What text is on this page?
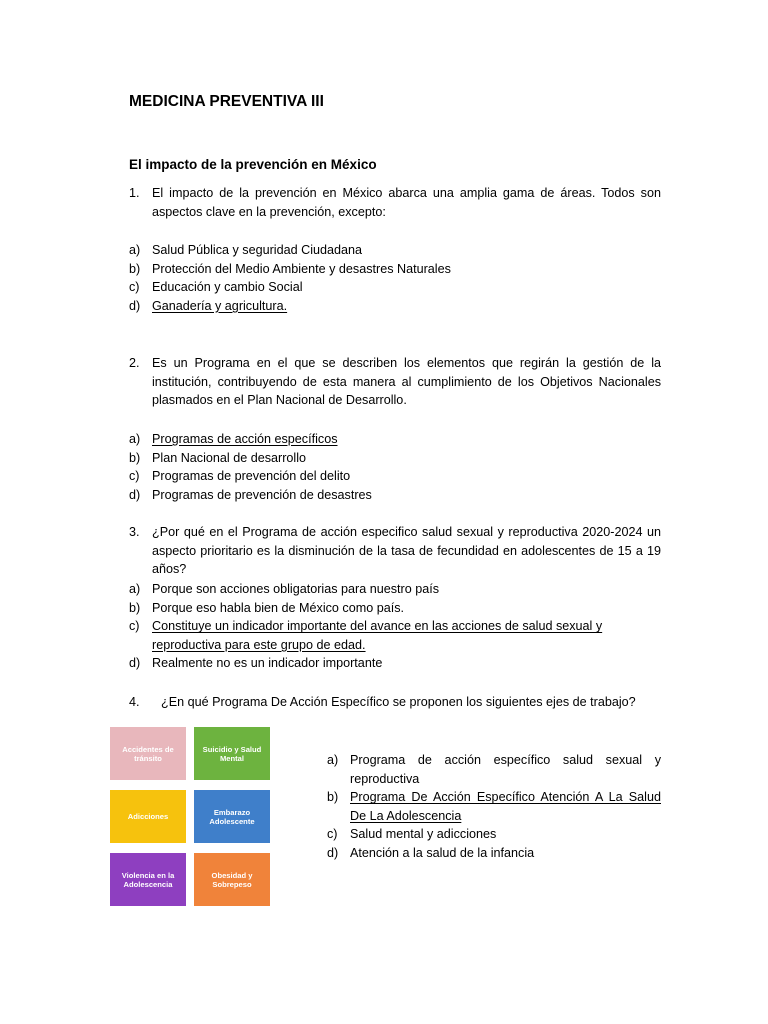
MEDICINA PREVENTIVA III
El impacto de la prevención en México
1. El impacto de la prevención en México abarca una amplia gama de áreas. Todos son aspectos clave en la prevención, excepto:
a) Salud Pública y seguridad Ciudadana
b) Protección del Medio Ambiente y desastres Naturales
c) Educación y cambio Social
d) Ganadería y agricultura.
2. Es un Programa en el que se describen los elementos que regirán la gestión de la institución, contribuyendo de esta manera al cumplimiento de los Objetivos Nacionales plasmados en el Plan Nacional de Desarrollo.
a) Programas de acción específicos
b) Plan Nacional de desarrollo
c) Programas de prevención del delito
d) Programas de prevención de desastres
3. ¿Por qué en el Programa de acción especifico salud sexual y reproductiva 2020-2024 un aspecto prioritario es la disminución de la tasa de fecundidad en adolescentes de 15 a 19 años?
a) Porque son acciones obligatorias para nuestro país
b) Porque eso habla bien de México como país.
c) Constituye un indicador importante del avance en las acciones de salud sexual y reproductiva para este grupo de edad.
d) Realmente no es un indicador importante
4. ¿En qué Programa De Acción Específico se proponen los siguientes ejes de trabajo?
Accidentes de tránsito
Suicidio y Salud Mental
Adicciones	Embarazo Adolescente
Violencia en la Adolescencia
Obesidad y Sobrepeso
a) Programa de acción específico salud sexual y reproductiva
b) Programa De Acción Específico Atención A La Salud De La Adolescencia
c) Salud mental y adicciones
d) Atención a la salud de la infancia
